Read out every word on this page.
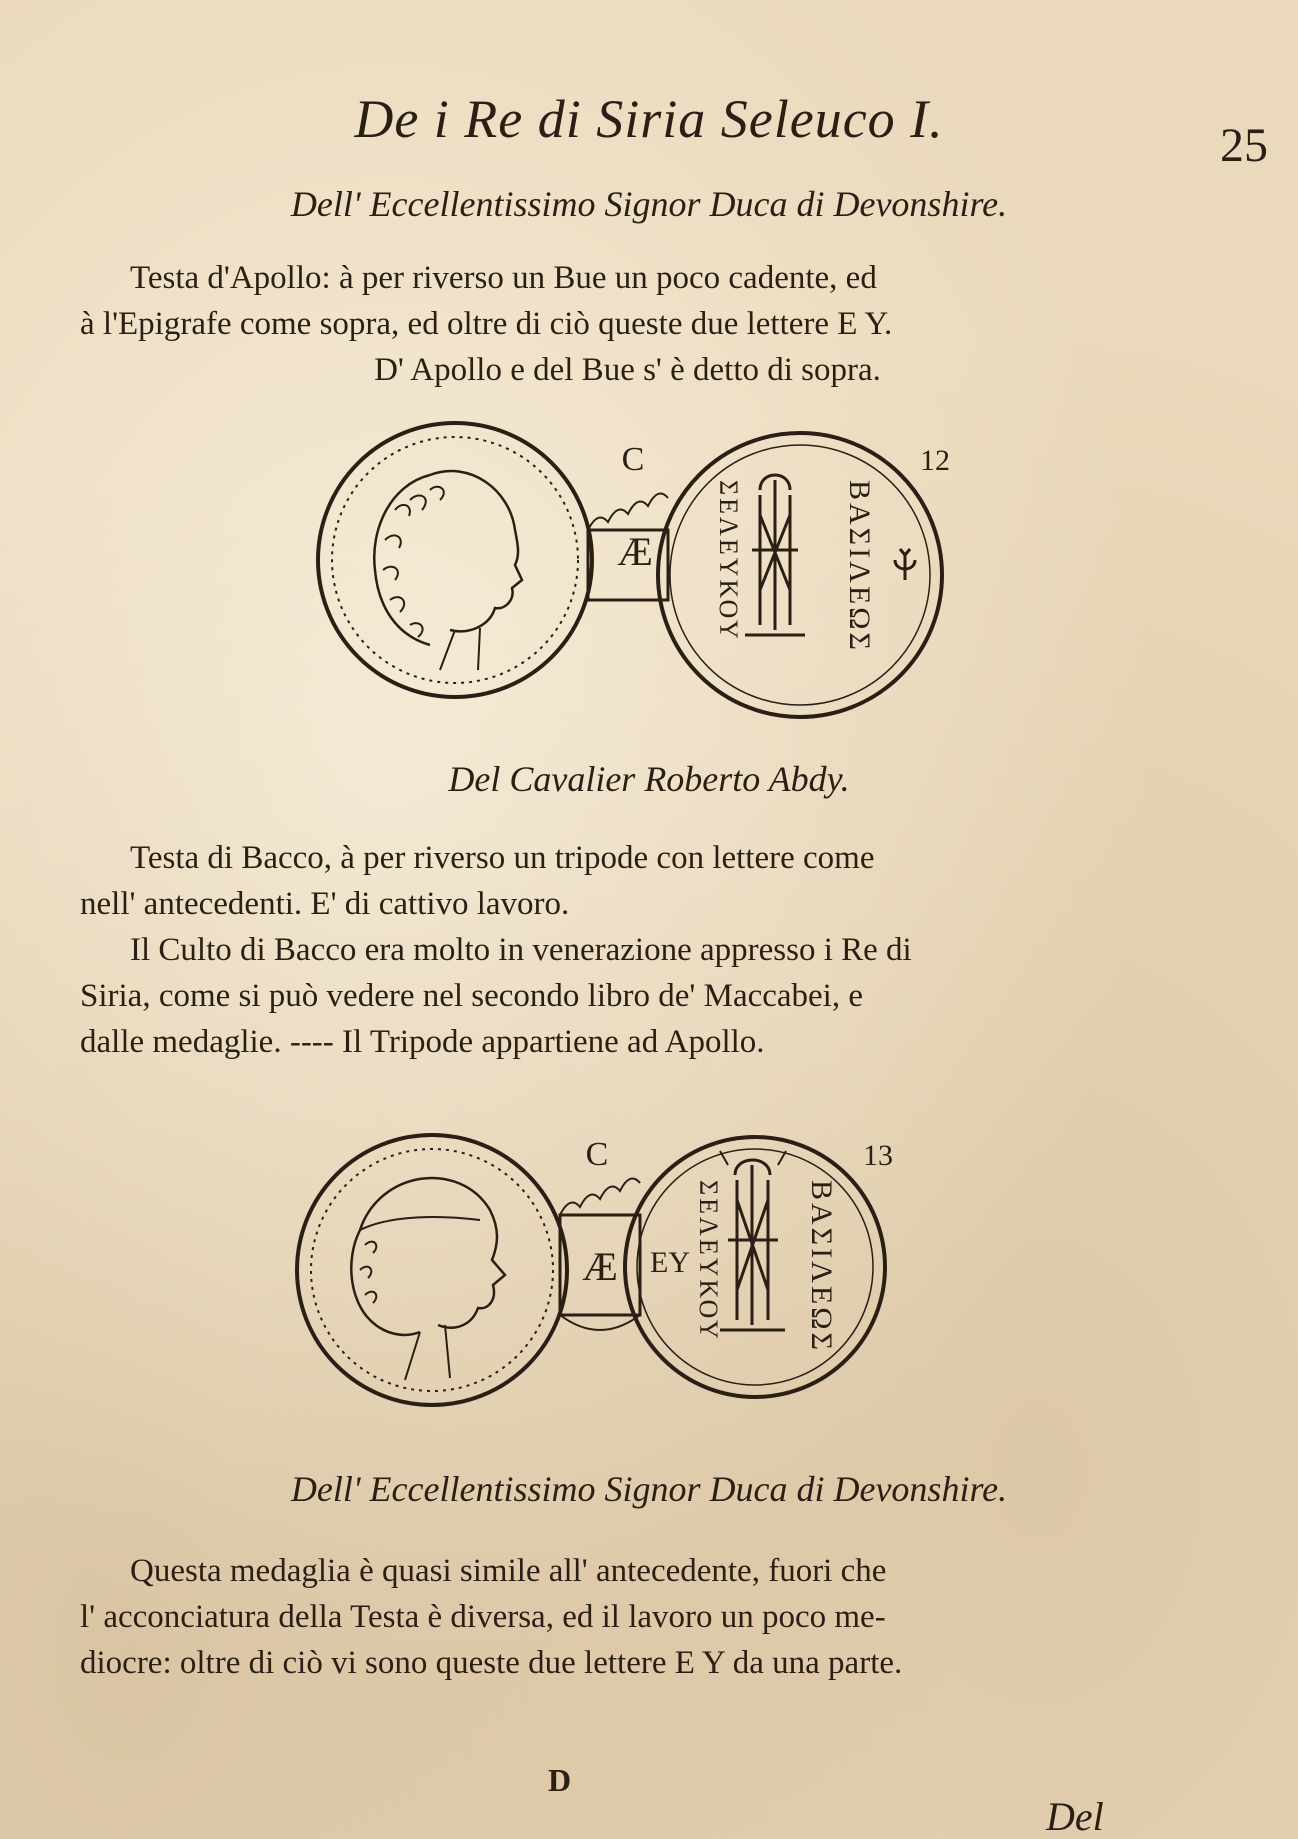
De i Re di Siria Seleuco I.	25
Dell' Eccellentissimo Signor Duca di Devonshire.

Testa d'Apollo: à per riverso un Bue un poco cadente, ed

à l'Epigrafe come sopra, ed oltre di ciò queste due lettere E Y.

D' Apollo e del Bue s' è detto di sopra.

Æ
C	12
ΣΕΛΕΥΚΟΥ	ΒΑΣΙΛΕΩΣ
Del Cavalier Roberto Abdy.

Testa di Bacco, à per riverso un tripode con lettere come

nell' antecedenti. E' di cattivo lavoro.

Il Culto di Bacco era molto in venerazione appresso i Re di

Siria, come si può vedere nel secondo libro de' Maccabei, e

dalle medaglie. ---- Il Tripode appartiene ad Apollo.

Æ
C	13
ΕΥ ΣΕΛΕΥΚΟΥ	ΒΑΣΙΛΕΩΣ
Dell' Eccellentissimo Signor Duca di Devonshire.

Questa medaglia è quasi simile all' antecedente, fuori che

l' acconciatura della Testa è diversa, ed il lavoro un poco me-

diocre: oltre di ciò vi sono queste due lettere E Y da una parte.

D
Del
